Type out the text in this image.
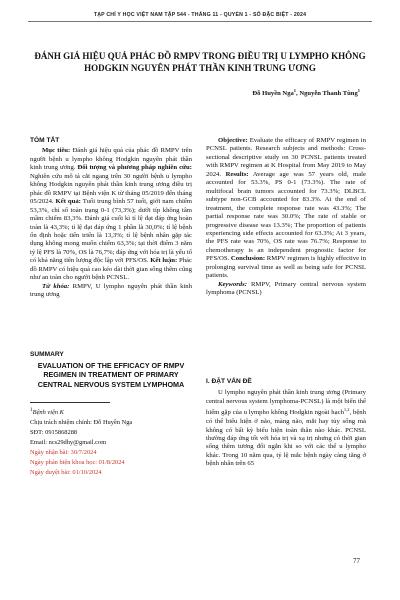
TẠP CHÍ Y HỌC VIỆT NAM TẬP 544 - THÁNG 11 - QUYỂN 1 - SỐ ĐẶC BIỆT - 2024
ĐÁNH GIÁ HIỆU QUẢ PHÁC ĐỒ RMPV TRONG ĐIỀU TRỊ U LYMPHO KHÔNG HODGKIN NGUYÊN PHÁT THẦN KINH TRUNG ƯƠNG
Đỗ Huyền Nga$^1$, Nguyễn Thanh Tùng$^1$
TÓM TẮT

Mục tiêu: Đánh giá hiệu quả của phác đồ RMPV trên người bệnh u lympho không Hodgkin nguyên phát thần kinh trung ương. Đối tượng và phương pháp nghiên cứu: Nghiên cứu mô tả cắt ngang trên 30 người bệnh u lympho không Hodgkin nguyên phát thần kinh trung ương điều trị phác đồ RMPV tại Bệnh viện K từ tháng 05/2019 đến tháng 05/2024. Kết quả: Tuổi trung bình 57 tuổi, giới nam chiếm 53,3%, chỉ số toàn trạng 0-1 (73,3%); dưới típ không tâm mầm chiếm 83,3%. Đánh giá cuối kì tỉ lệ đạt đáp ứng hoàn toàn là 43,3%; tỉ lệ đạt đáp ứng 1 phần là 30,0%; tỉ lệ bệnh ổn định hoặc tiến triển là 13,3%; tỉ lệ bệnh nhân gặp tác dụng không mong muốn chiếm 63,3%; tại thời điểm 3 năm tỷ lệ PFS là 70%, OS là 76,7%; đáp ứng với hóa trị là yếu tố có khả năng tiên lượng độc lập với PFS/OS. Kết luận: Phác đồ RMPV có hiệu quả cao kéo dài thời gian sống thêm cũng như an toàn cho người bệnh PCNSL.

Từ khóa: RMPV, U lympho nguyên phát thần kinh trung ương

SUMMARY
EVALUATION OF THE EFFICACY OF RMPV REGIMEN IN TREATMENT OF PRIMARY CENTRAL NERVOUS SYSTEM LYMPHOMA
$^1$Bệnh viện K
Chịu trách nhiệm chính: Đỗ Huyền Nga
SĐT: 0915868288
Email: ncs29dhy@gmail.com
Ngày nhận bài: 30/7/2024
Ngày phản biện khoa học: 01/8/2024
Ngày duyệt bài: 01/10/2024

Objective: Evaluate the efficacy of RMPV regimen in PCNSL patients. Research subjects and methods: Cross-sectional descriptive study on 30 PCNSL patients treated with RMPV regimen at K Hospital from May 2019 to May 2024. Results: Average age was 57 years old, male accounted for 53.3%, PS 0-1 (73.3%). The rate of multifocal brain tumors accounted for 73.3%; DLBCL subtype non-GCB accounted for 83.3%. At the end of treatment, the complete response rate was 43.3%; The partial response rate was 30.0%; The rate of stable or progressive disease was 13.3%; The proportion of patients experiencing side effects accounted for 63.3%; At 3 years, the PFS rate was 70%, OS rate was 76.7%; Response to chemotherapy is an independent prognostic factor for PFS/OS. Conclusion: RMPV regimen is highly effective in prolonging survival time as well as being safe for PCNSL patients.

Keywords: RMPV, Primary central nervous system lymphoma (PCNSL)

I. ĐẶT VẤN ĐỀ

U lympho nguyên phát thần kinh trung ương (Primary central nervous system lymphoma-PCNSL) là một biến thể hiếm gặp của u lympho không Hodgkin ngoài hạch$^{1,2}$, bệnh có thể biểu hiện ở não, màng não, mắt hay tủy sống mà không có bất kỳ biểu hiện toàn thân nào khác. PCNSL thường đáp ứng tốt với hóa trị và xạ trị nhưng có thời gian sống thêm tương đối ngắn khi so với các thể u lympho khác. Trong 10 năm qua, tỷ lệ mắc bệnh ngày càng tăng ở bệnh nhân trên 65

77
